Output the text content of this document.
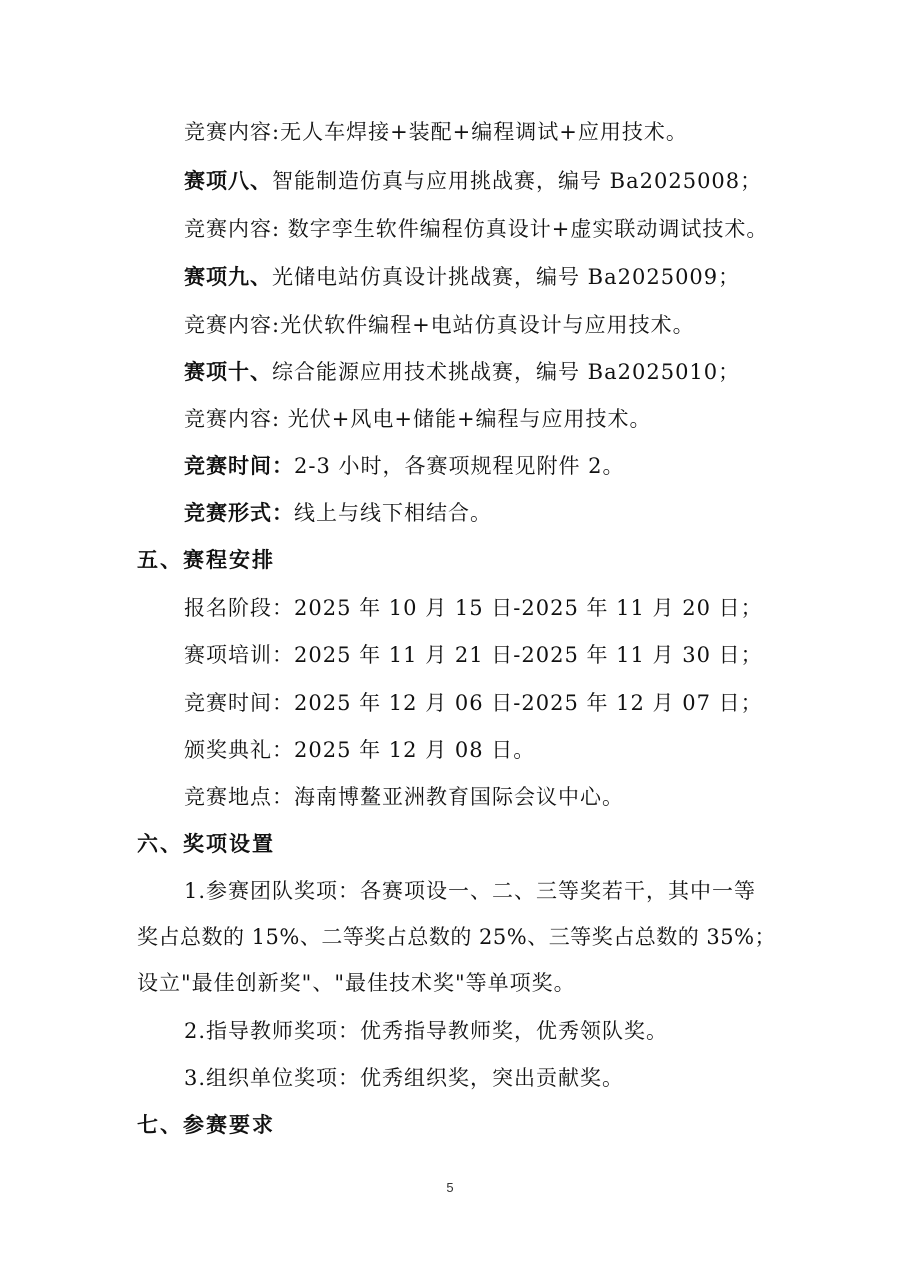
竞赛内容:无人车焊接+装配+编程调试+应用技术。
赛项八、智能制造仿真与应用挑战赛，编号 Ba2025008；
竞赛内容: 数字孪生软件编程仿真设计+虚实联动调试技术。
赛项九、光储电站仿真设计挑战赛，编号 Ba2025009；
竞赛内容:光伏软件编程+电站仿真设计与应用技术。
赛项十、综合能源应用技术挑战赛，编号 Ba2025010；
竞赛内容: 光伏+风电+储能+编程与应用技术。
竞赛时间：2-3 小时，各赛项规程见附件 2。
竞赛形式：线上与线下相结合。
五、赛程安排
报名阶段：2025 年 10 月 15 日-2025 年 11 月 20 日；
赛项培训：2025 年 11 月 21 日-2025 年 11 月 30 日；
竞赛时间：2025 年 12 月 06 日-2025 年 12 月 07 日；
颁奖典礼：2025 年 12 月 08 日。
竞赛地点：海南博鳌亚洲教育国际会议中心。
六、奖项设置
1.参赛团队奖项：各赛项设一、二、三等奖若干，其中一等
奖占总数的 15%、二等奖占总数的 25%、三等奖占总数的 35%；
设立"最佳创新奖"、"最佳技术奖"等单项奖。
2.指导教师奖项：优秀指导教师奖，优秀领队奖。
3.组织单位奖项：优秀组织奖，突出贡献奖。
七、参赛要求
5
